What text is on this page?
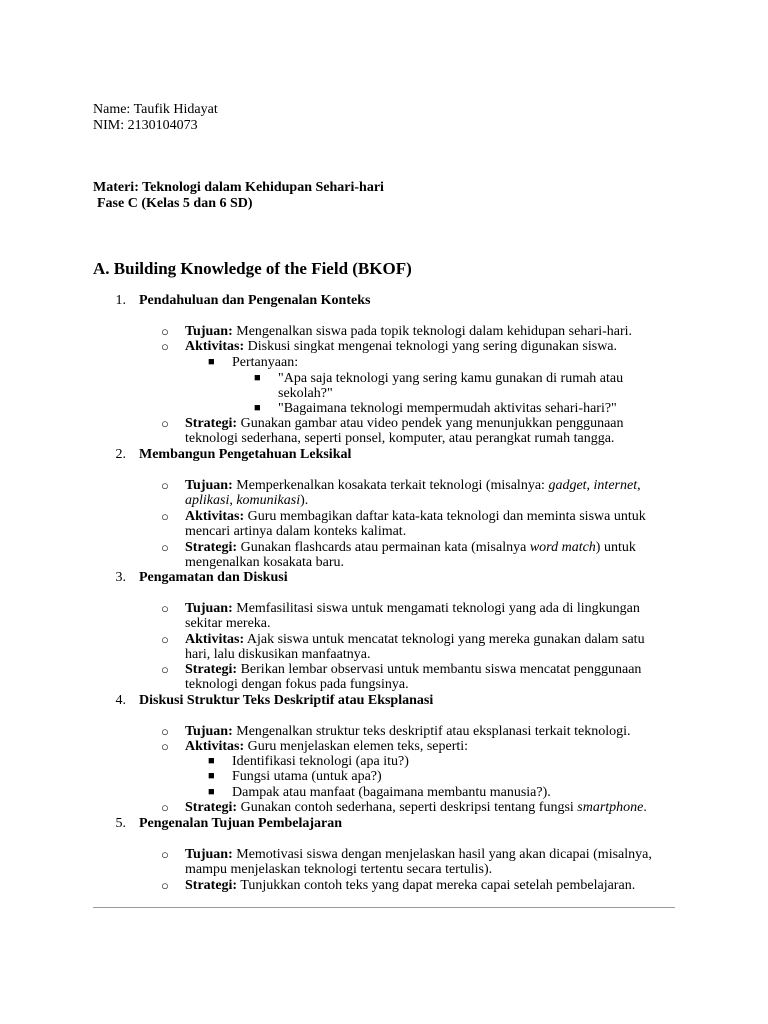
Name: Taufik Hidayat
NIM: 2130104073
Materi: Teknologi dalam Kehidupan Sehari-hari
Fase C (Kelas 5 dan 6 SD)
A. Building Knowledge of the Field (BKOF)
1. Pendahuluan dan Pengenalan Konteks
○ Tujuan: Mengenalkan siswa pada topik teknologi dalam kehidupan sehari-hari.
○ Aktivitas: Diskusi singkat mengenai teknologi yang sering digunakan siswa.
■ Pertanyaan:
■ "Apa saja teknologi yang sering kamu gunakan di rumah atau
sekolah?"
■ "Bagaimana teknologi mempermudah aktivitas sehari-hari?"
○ Strategi: Gunakan gambar atau video pendek yang menunjukkan penggunaan
teknologi sederhana, seperti ponsel, komputer, atau perangkat rumah tangga.
2. Membangun Pengetahuan Leksikal
○ Tujuan: Memperkenalkan kosakata terkait teknologi (misalnya: gadget, internet,
aplikasi, komunikasi).
○ Aktivitas: Guru membagikan daftar kata-kata teknologi dan meminta siswa untuk
mencari artinya dalam konteks kalimat.
○ Strategi: Gunakan flashcards atau permainan kata (misalnya word match) untuk
mengenalkan kosakata baru.
3. Pengamatan dan Diskusi
○ Tujuan: Memfasilitasi siswa untuk mengamati teknologi yang ada di lingkungan
sekitar mereka.
○ Aktivitas: Ajak siswa untuk mencatat teknologi yang mereka gunakan dalam satu
hari, lalu diskusikan manfaatnya.
○ Strategi: Berikan lembar observasi untuk membantu siswa mencatat penggunaan
teknologi dengan fokus pada fungsinya.
4. Diskusi Struktur Teks Deskriptif atau Eksplanasi
○ Tujuan: Mengenalkan struktur teks deskriptif atau eksplanasi terkait teknologi.
○ Aktivitas: Guru menjelaskan elemen teks, seperti:
■ Identifikasi teknologi (apa itu?)
■ Fungsi utama (untuk apa?)
■ Dampak atau manfaat (bagaimana membantu manusia?).
○ Strategi: Gunakan contoh sederhana, seperti deskripsi tentang fungsi smartphone.
5. Pengenalan Tujuan Pembelajaran
○ Tujuan: Memotivasi siswa dengan menjelaskan hasil yang akan dicapai (misalnya,
mampu menjelaskan teknologi tertentu secara tertulis).
○ Strategi: Tunjukkan contoh teks yang dapat mereka capai setelah pembelajaran.
